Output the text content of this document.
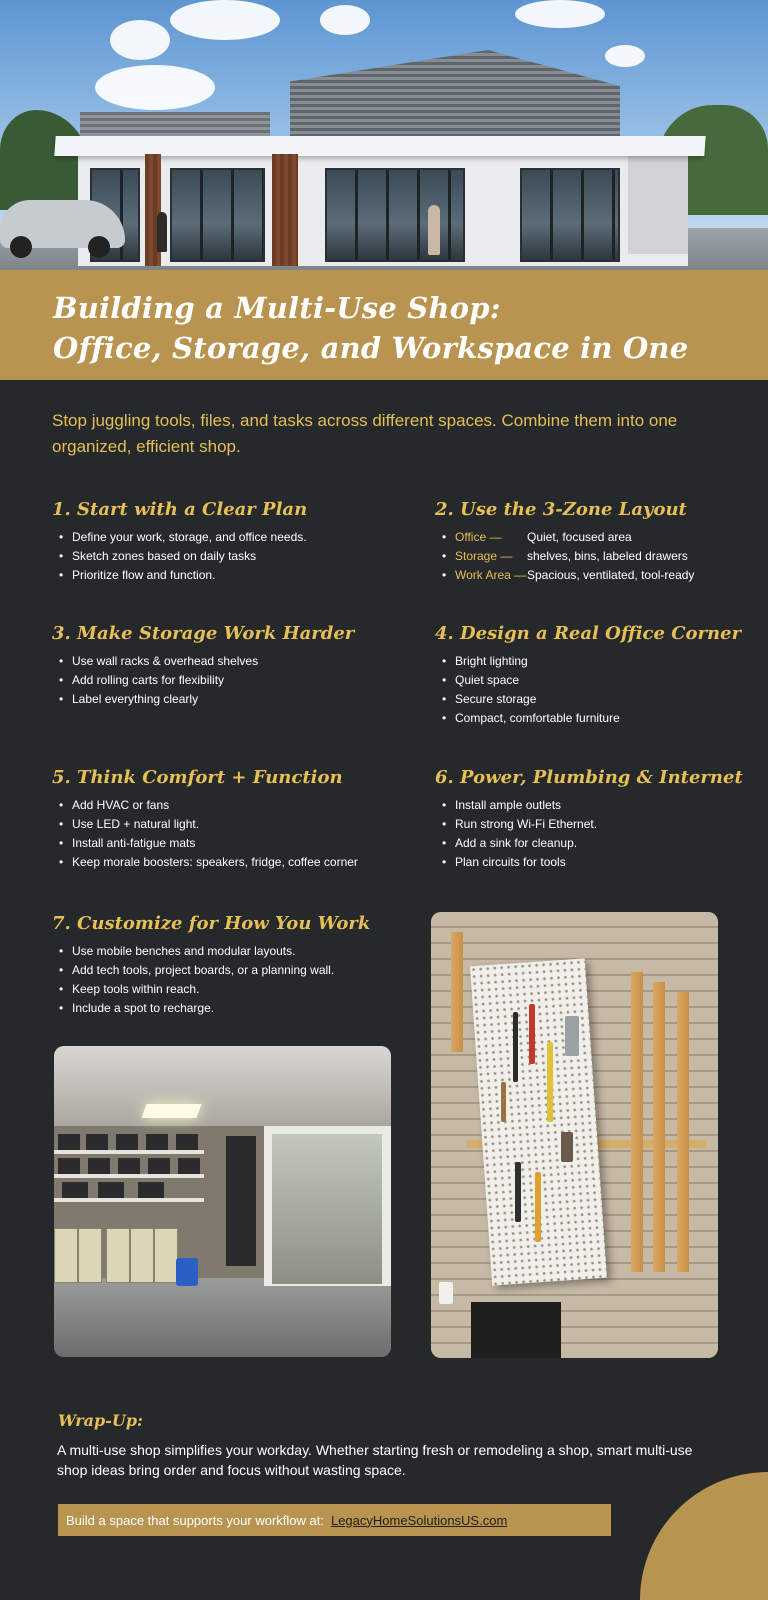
Building a Multi-Use Shop:
Office, Storage, and Workspace in One

Stop juggling tools, files, and tasks across different spaces. Combine them into one organized, efficient shop.

1. Start with a Clear Plan
• Define your work, storage, and office needs.
• Sketch zones based on daily tasks
• Prioritize flow and function.
2. Use the 3-Zone Layout
• Office — Quiet, focused area
• Storage — shelves, bins, labeled drawers
• Work Area —Spacious, ventilated, tool-ready
3. Make Storage Work Harder
• Use wall racks & overhead shelves
• Add rolling carts for flexibility
• Label everything clearly
4. Design a Real Office Corner
• Bright lighting
• Quiet space
• Secure storage
• Compact, comfortable furniture
5. Think Comfort + Function
• Add HVAC or fans
• Use LED + natural light.
• Install anti-fatigue mats
• Keep morale boosters: speakers, fridge, coffee corner
6. Power, Plumbing & Internet
• Install ample outlets
• Run strong Wi-Fi Ethernet.
• Add a sink for cleanup.
• Plan circuits for tools
7. Customize for How You Work
• Use mobile benches and modular layouts.
• Add tech tools, project boards, or a planning wall.
• Keep tools within reach.
• Include a spot to recharge.
Wrap-Up:

A multi-use shop simplifies your workday. Whether starting fresh or remodeling a shop, smart multi-use shop ideas bring order and focus without wasting space.

Build a space that supports your workflow at: LegacyHomeSolutionsUS.com
